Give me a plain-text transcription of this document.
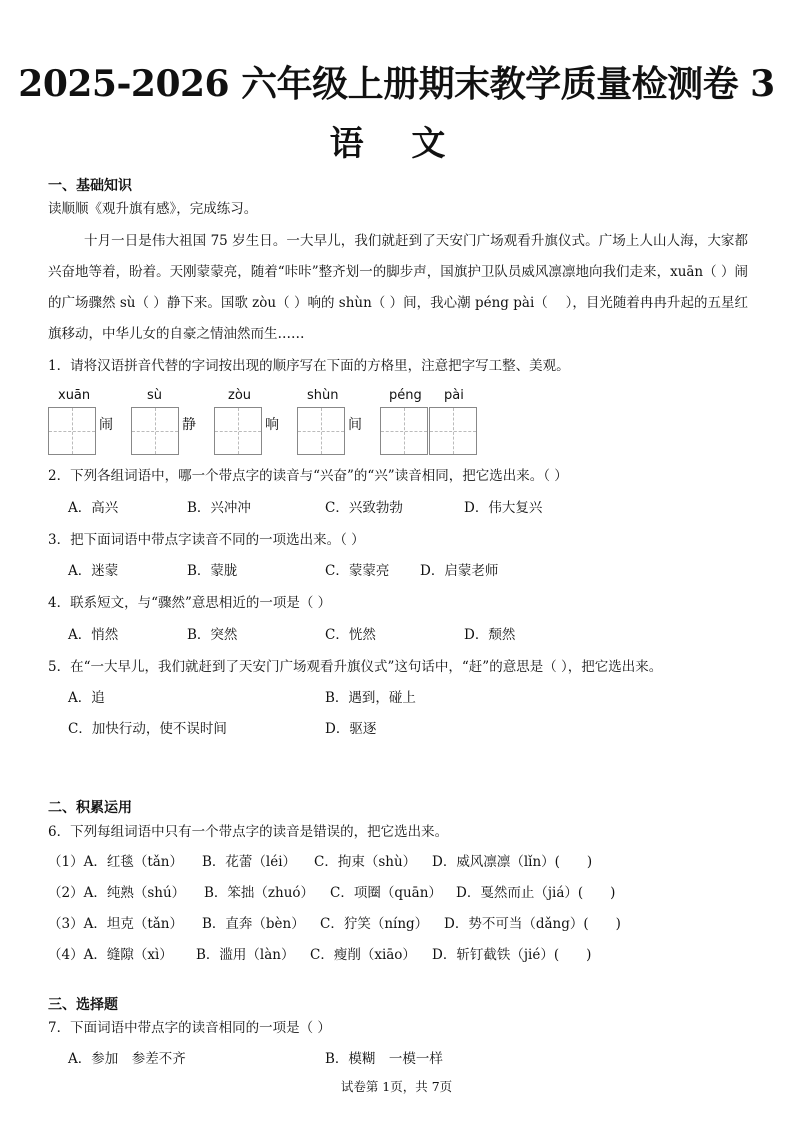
2025-2026 六年级上册期末教学质量检测卷 3
语 文
一、基础知识
读顺顺《观升旗有感》，完成练习。
十月一日是伟大祖国 75 岁生日。一大早儿，我们就赶到了天安门广场观看升旗仪式。广场上人山人海，大家都兴奋地等着，盼着。天刚蒙蒙亮，随着“咔咔”整齐划一的脚步声，国旗护卫队员威风凛凛地向我们走来，xuān（ ）闹的广场骤然 sù（ ）静下来。国歌 zòu（ ）响的 shùn（ ）间，我心潮 péng pài（　 ），目光随着冉冉升起的五星红旗移动，中华儿女的自豪之情油然而生……
1．请将汉语拼音代替的字词按出现的顺序写在下面的方格里，注意把字写工整、美观。
xuān	sù	zòu	shùn	péng pài
闹	静	响	间
2．下列各组词语中，哪一个带点字的读音与“兴奋”的“兴”读音相同，把它选出来。（ ）
A．高兴	B．兴冲冲	C．兴致勃勃	D．伟大复兴
3．把下面词语中带点字读音不同的一项选出来。（ ）
A．迷蒙	B．蒙胧	C．蒙蒙亮 D．启蒙老师
4．联系短文，与“骤然”意思相近的一项是（ ）
A．悄然	B．突然	C．恍然	D．颓然
5．在“一大早儿，我们就赶到了天安门广场观看升旗仪式”这句话中，“赶”的意思是（ ），把它选出来。
A．追	B．遇到，碰上
C．加快行动，使不误时间	D．驱逐
二、积累运用
6．下列每组词语中只有一个带点字的读音是错误的，把它选出来。
（1）A．红毯（tǎn） B．花蕾（léi） C．拘束（shù） D．威风凛凛（lǐn）(　　)
（2）A．纯熟（shú） B．笨拙（zhuó） C．项圈（quān） D．戛然而止（jiá）(　　)
（3）A．坦克（tǎn） B．直奔（bèn） C．狞笑（níng） D．势不可当（dǎng）(　　)
（4）A．缝隙（xì） B．滥用（làn） C．瘦削（xiāo） D．斩钉截铁（jié）(　　)
三、选择题
7．下面词语中带点字的读音相同的一项是（ ）
A．参加　参差不齐	B．模糊　一模一样
试卷第 1页，共 7页
